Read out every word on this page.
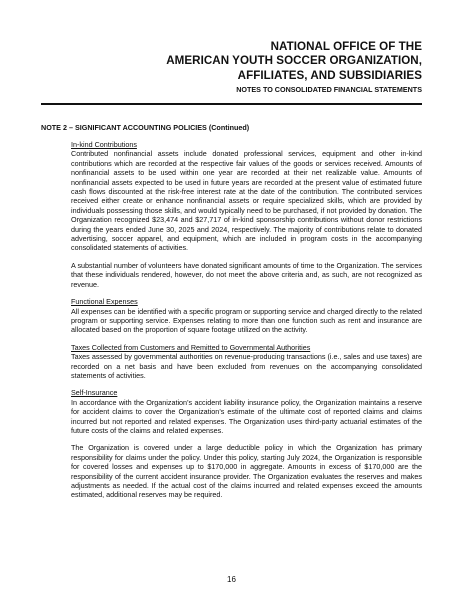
NATIONAL OFFICE OF THE
AMERICAN YOUTH SOCCER ORGANIZATION,
AFFILIATES, AND SUBSIDIARIES
NOTES TO CONSOLIDATED FINANCIAL STATEMENTS
NOTE 2 – SIGNIFICANT ACCOUNTING POLICIES (Continued)
In-kind Contributions

Contributed nonfinancial assets include donated professional services, equipment and other in-kind contributions which are recorded at the respective fair values of the goods or services received. Amounts of nonfinancial assets to be used within one year are recorded at their net realizable value. Amounts of nonfinancial assets expected to be used in future years are recorded at the present value of estimated future cash flows discounted at the risk-free interest rate at the date of the contribution. The contributed services received either create or enhance nonfinancial assets or require specialized skills, which are provided by individuals possessing those skills, and would typically need to be purchased, if not provided by donation. The Organization recognized $23,474 and $27,717 of in-kind sponsorship contributions without donor restrictions during the years ended June 30, 2025 and 2024, respectively. The majority of contributions relate to donated advertising, soccer apparel, and equipment, which are included in program costs in the accompanying consolidated statements of activities.

A substantial number of volunteers have donated significant amounts of time to the Organization. The services that these individuals rendered, however, do not meet the above criteria and, as such, are not recognized as revenue.

Functional Expenses

All expenses can be identified with a specific program or supporting service and charged directly to the related program or supporting service. Expenses relating to more than one function such as rent and insurance are allocated based on the proportion of square footage utilized on the activity.

Taxes Collected from Customers and Remitted to Governmental Authorities

Taxes assessed by governmental authorities on revenue-producing transactions (i.e., sales and use taxes) are recorded on a net basis and have been excluded from revenues on the accompanying consolidated statements of activities.

Self-Insurance

In accordance with the Organization’s accident liability insurance policy, the Organization maintains a reserve for accident claims to cover the Organization’s estimate of the ultimate cost of reported claims and claims incurred but not reported and related expenses. The Organization uses third-party actuarial estimates of the future costs of the claims and related expenses.

The Organization is covered under a large deductible policy in which the Organization has primary responsibility for claims under the policy. Under this policy, starting July 2024, the Organization is responsible for covered losses and expenses up to $170,000 in aggregate. Amounts in excess of $170,000 are the responsibility of the current accident insurance provider. The Organization evaluates the reserves and makes adjustments as needed. If the actual cost of the claims incurred and related expenses exceed the amounts estimated, additional reserves may be required.

16
